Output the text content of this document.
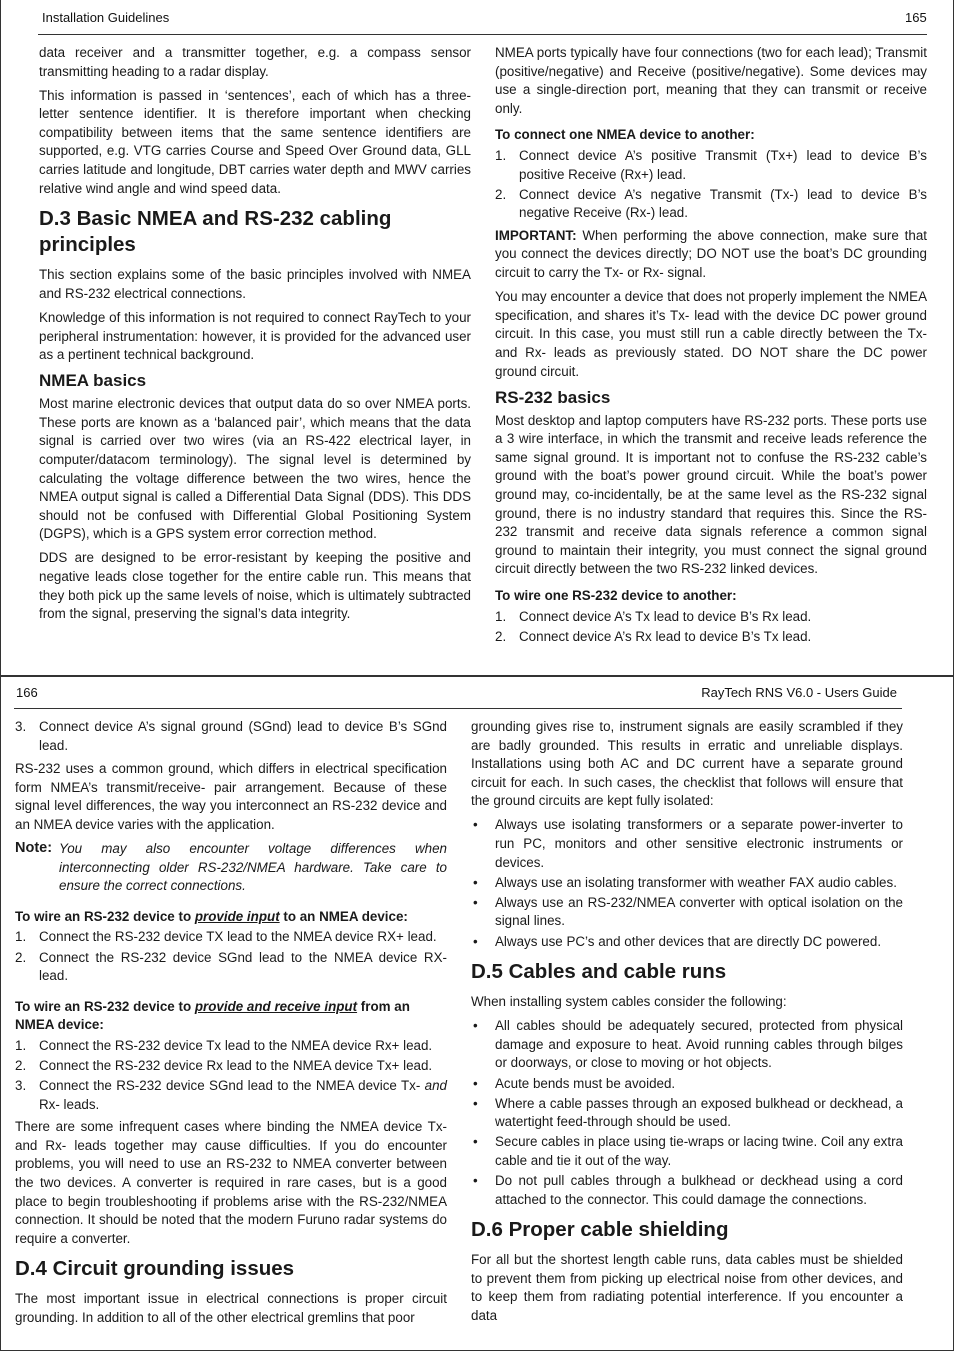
Installation Guidelines	165

data receiver and a transmitter together, e.g. a compass sensor transmitting heading to a radar display.

This information is passed in ‘sentences’, each of which has a three-letter sentence identifier. It is therefore important when checking compatibility between items that the same sentence identifiers are supported, e.g. VTG carries Course and Speed Over Ground data, GLL carries latitude and longitude, DBT carries water depth and MWV carries relative wind angle and wind speed data.

D.3 Basic NMEA and RS-232 cabling principles

This section explains some of the basic principles involved with NMEA and RS-232 electrical connections.

Knowledge of this information is not required to connect RayTech to your peripheral instrumentation: however, it is provided for the advanced user as a pertinent technical background.

NMEA basics

Most marine electronic devices that output data do so over NMEA ports. These ports are known as a ‘balanced pair’, which means that the data signal is carried over two wires (via an RS-422 electrical layer, in computer/datacom terminology). The signal level is determined by calculating the voltage difference between the two wires, hence the NMEA output signal is called a Differential Data Signal (DDS). This DDS should not be confused with Differential Global Positioning System (DGPS), which is a GPS system error correction method.

DDS are designed to be error-resistant by keeping the positive and negative leads close together for the entire cable run. This means that they both pick up the same levels of noise, which is ultimately subtracted from the signal, preserving the signal’s data integrity.

NMEA ports typically have four connections (two for each lead); Transmit (positive/negative) and Receive (positive/negative). Some devices may use a single-direction port, meaning that they can transmit or receive only.

To connect one NMEA device to another:
1. Connect device A’s positive Transmit (Tx+) lead to device B’s positive Receive (Rx+) lead.
2. Connect device A’s negative Transmit (Tx-) lead to device B’s negative Receive (Rx-) lead.

IMPORTANT: When performing the above connection, make sure that you connect the devices directly; DO NOT use the boat’s DC grounding circuit to carry the Tx- or Rx- signal.

You may encounter a device that does not properly implement the NMEA specification, and shares it’s Tx- lead with the device DC power ground circuit. In this case, you must still run a cable directly between the Tx- and Rx- leads as previously stated. DO NOT share the DC power ground circuit.

RS-232 basics

Most desktop and laptop computers have RS-232 ports. These ports use a 3 wire interface, in which the transmit and receive leads reference the same signal ground. It is important not to confuse the RS-232 cable’s ground with the boat’s power ground circuit. While the boat’s power ground may, co-incidentally, be at the same level as the RS-232 signal ground, there is no industry standard that requires this. Since the RS-232 transmit and receive data signals reference a common signal ground to maintain their integrity, you must connect the signal ground circuit directly between the two RS-232 linked devices.

To wire one RS-232 device to another:
1. Connect device A’s Tx lead to device B’s Rx lead.
2. Connect device A’s Rx lead to device B’s Tx lead.
166	RayTech RNS V6.0 - Users Guide
3. Connect device A’s signal ground (SGnd) lead to device B’s SGnd lead.

RS-232 uses a common ground, which differs in electrical specification form NMEA’s transmit/receive- pair arrangement. Because of these signal level differences, the way you interconnect an RS-232 device and an NMEA device varies with the application.

Note: You may also encounter voltage differences when interconnecting older RS-232/NMEA hardware. Take care to ensure the correct connections.
To wire an RS-232 device to provide input to an NMEA device:
1. Connect the RS-232 device TX lead to the NMEA device RX+ lead.
2. Connect the RS-232 device SGnd lead to the NMEA device RX- lead.
To wire an RS-232 device to provide and receive input from an NMEA device:
1. Connect the RS-232 device Tx lead to the NMEA device Rx+ lead.
2. Connect the RS-232 device Rx lead to the NMEA device Tx+ lead.
3. Connect the RS-232 device SGnd lead to the NMEA device Tx- and Rx- leads.

There are some infrequent cases where binding the NMEA device Tx- and Rx- leads together may cause difficulties. If you do encounter problems, you will need to use an RS-232 to NMEA converter between the two devices. A converter is required in rare cases, but is a good place to begin troubleshooting if problems arise with the RS-232/NMEA connection. It should be noted that the modern Furuno radar systems do require a converter.

D.4 Circuit grounding issues

The most important issue in electrical connections is proper circuit grounding. In addition to all of the other electrical gremlins that poor

grounding gives rise to, instrument signals are easily scrambled if they are badly grounded. This results in erratic and unreliable displays. Installations using both AC and DC current have a separate ground circuit for each. In such cases, the checklist that follows will ensure that the ground circuits are kept fully isolated:

• Always use isolating transformers or a separate power-inverter to run PC, monitors and other sensitive electronic instruments or devices.
• Always use an isolating transformer with weather FAX audio cables.
• Always use an RS-232/NMEA converter with optical isolation on the signal lines.
• Always use PC’s and other devices that are directly DC powered.
D.5 Cables and cable runs

When installing system cables consider the following:

• All cables should be adequately secured, protected from physical damage and exposure to heat. Avoid running cables through bilges or doorways, or close to moving or hot objects.
• Acute bends must be avoided.
• Where a cable passes through an exposed bulkhead or deckhead, a watertight feed-through should be used.
• Secure cables in place using tie-wraps or lacing twine. Coil any extra cable and tie it out of the way.
• Do not pull cables through a bulkhead or deckhead using a cord attached to the connector. This could damage the connections.
D.6 Proper cable shielding

For all but the shortest length cable runs, data cables must be shielded to prevent them from picking up electrical noise from other devices, and to keep them from radiating potential interference. If you encounter a data
